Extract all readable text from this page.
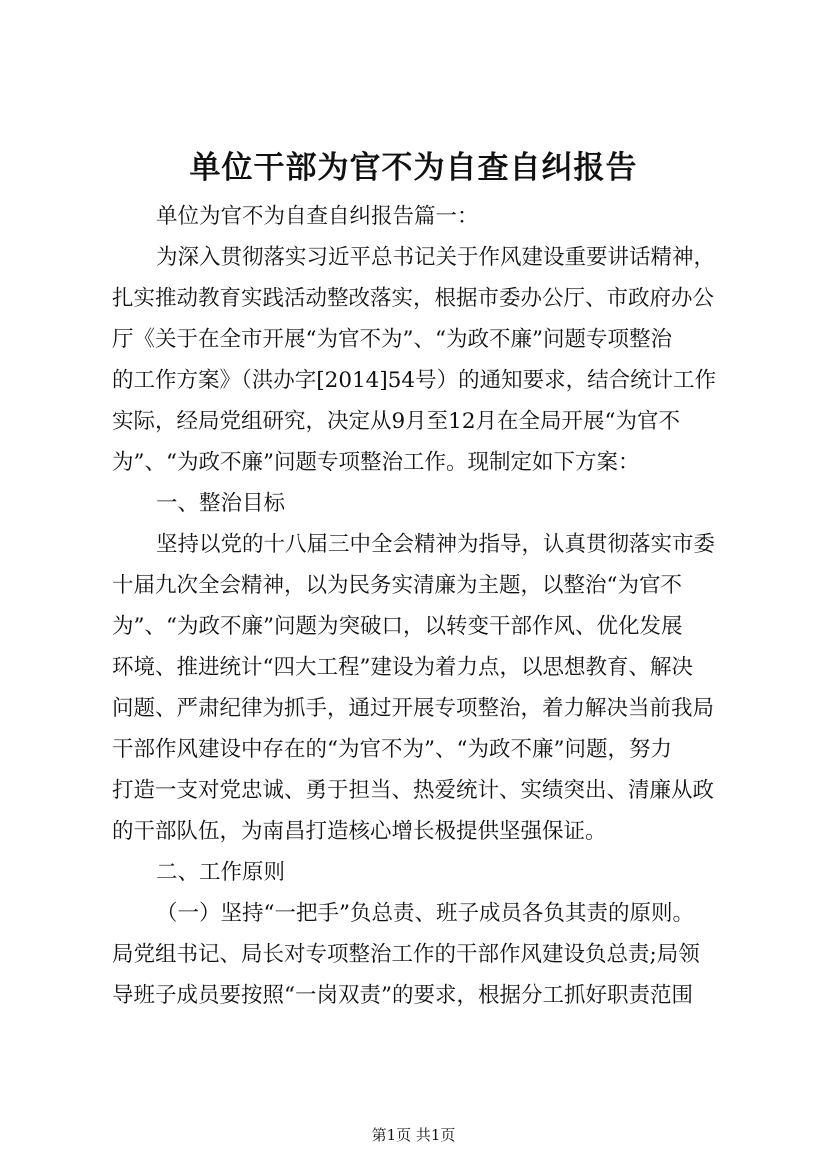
单位干部为官不为自查自纠报告
单位为官不为自查自纠报告篇一：
为深入贯彻落实习近平总书记关于作风建设重要讲话精神，
扎实推动教育实践活动整改落实，根据市委办公厅、市政府办公
厅《关于在全市开展“为官不为”、“为政不廉”问题专项整治
的工作方案》（洪办字[2014]54号）的通知要求，结合统计工作
实际，经局党组研究，决定从9月至12月在全局开展“为官不
为”、“为政不廉”问题专项整治工作。现制定如下方案：
一、整治目标
坚持以党的十八届三中全会精神为指导，认真贯彻落实市委
十届九次全会精神，以为民务实清廉为主题，以整治“为官不
为”、“为政不廉”问题为突破口，以转变干部作风、优化发展
环境、推进统计“四大工程”建设为着力点，以思想教育、解决
问题、严肃纪律为抓手，通过开展专项整治，着力解决当前我局
干部作风建设中存在的“为官不为”、“为政不廉”问题，努力
打造一支对党忠诚、勇于担当、热爱统计、实绩突出、清廉从政
的干部队伍，为南昌打造核心增长极提供坚强保证。
二、工作原则
（一）坚持“一把手”负总责、班子成员各负其责的原则。
局党组书记、局长对专项整治工作的干部作风建设负总责;局领
导班子成员要按照“一岗双责”的要求，根据分工抓好职责范围
第1页 共1页
